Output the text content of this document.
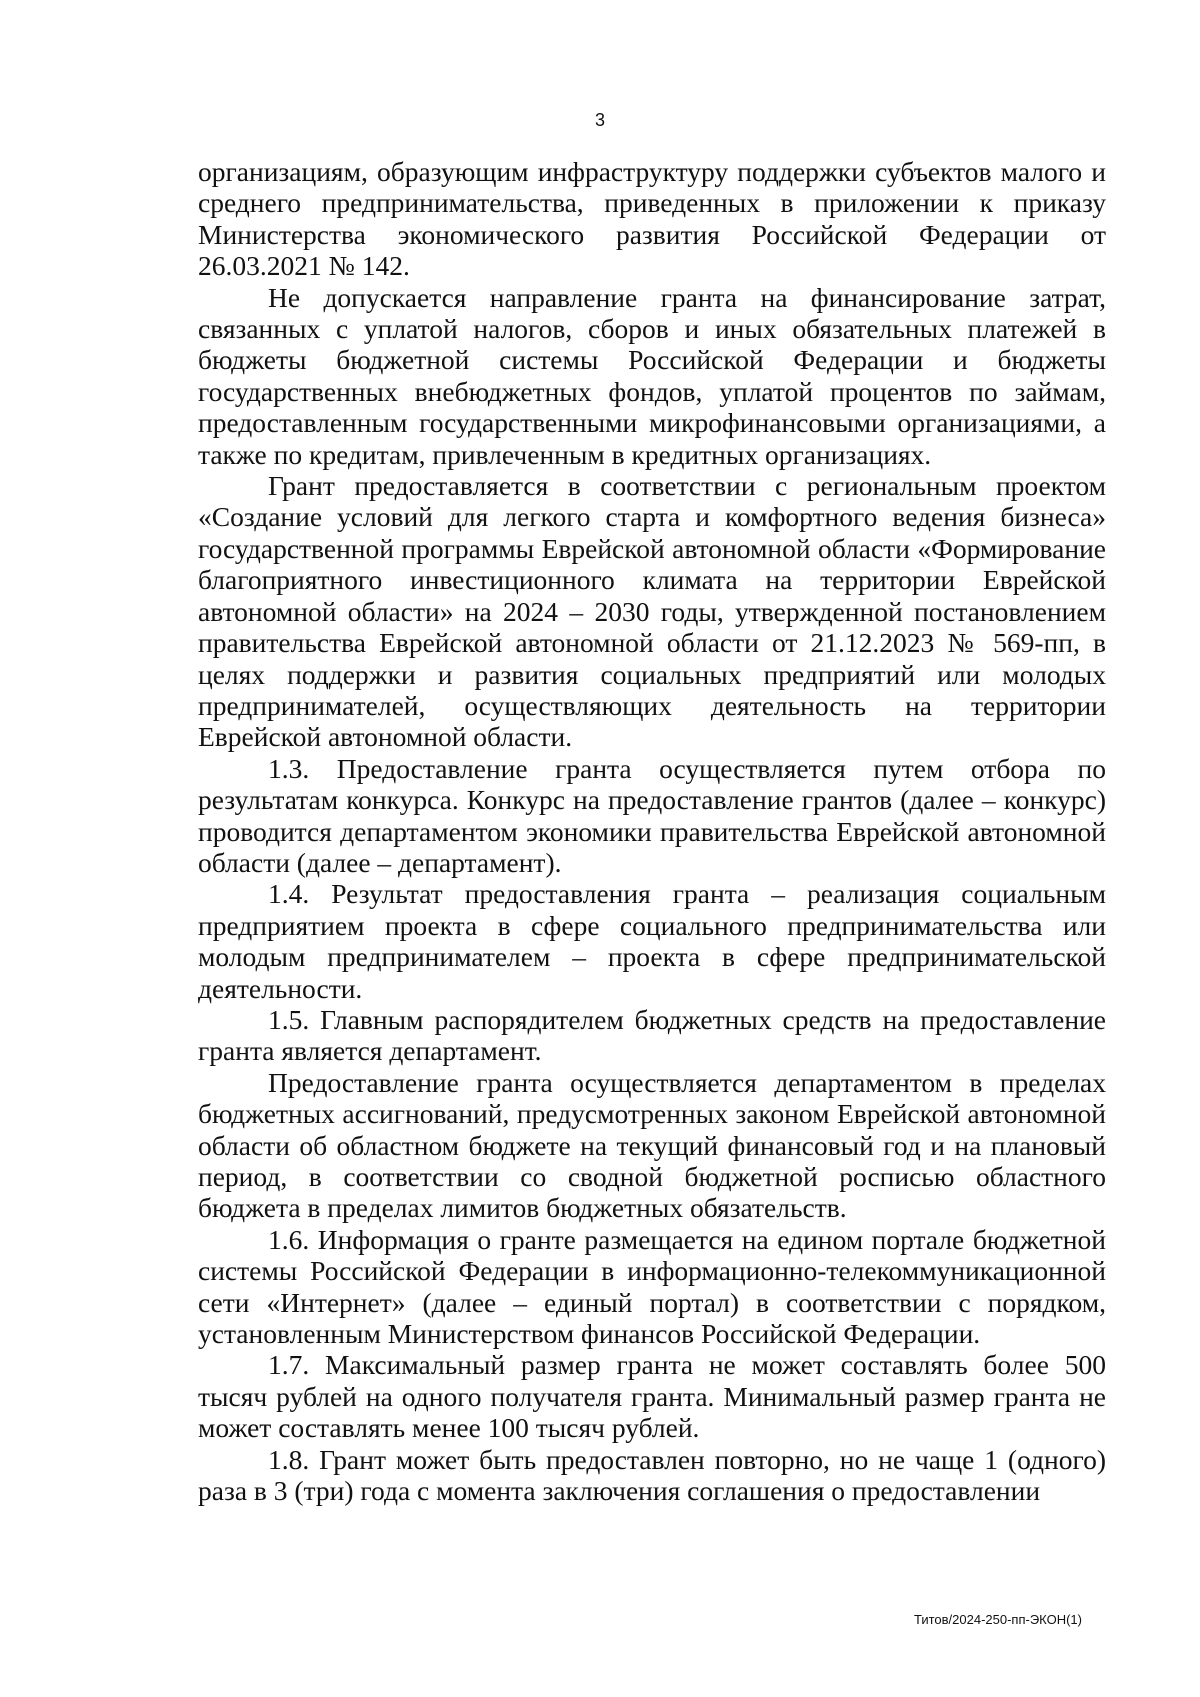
3

организациям, образующим инфраструктуру поддержки субъектов малого и среднего предпринимательства, приведенных в приложении к приказу Министерства экономического развития Российской Федерации от 26.03.2021 № 142.

Не допускается направление гранта на финансирование затрат, связанных с уплатой налогов, сборов и иных обязательных платежей в бюджеты бюджетной системы Российской Федерации и бюджеты государственных внебюджетных фондов, уплатой процентов по займам, предоставленным государственными микрофинансовыми организациями, а также по кредитам, привлеченным в кредитных организациях.

Грант предоставляется в соответствии с региональным проектом «Создание условий для легкого старта и комфортного ведения бизнеса» государственной программы Еврейской автономной области «Формирование благоприятного инвестиционного климата на территории Еврейской автономной области» на 2024 – 2030 годы, утвержденной постановлением правительства Еврейской автономной области от 21.12.2023 № 569-пп, в целях поддержки и развития социальных предприятий или молодых предпринимателей, осуществляющих деятельность на территории Еврейской автономной области.

1.3. Предоставление гранта осуществляется путем отбора по результатам конкурса. Конкурс на предоставление грантов (далее – конкурс) проводится департаментом экономики правительства Еврейской автономной области (далее – департамент).

1.4. Результат предоставления гранта – реализация социальным предприятием проекта в сфере социального предпринимательства или молодым предпринимателем – проекта в сфере предпринимательской деятельности.

1.5. Главным распорядителем бюджетных средств на предоставление гранта является департамент.

Предоставление гранта осуществляется департаментом в пределах бюджетных ассигнований, предусмотренных законом Еврейской автономной области об областном бюджете на текущий финансовый год и на плановый период, в соответствии со сводной бюджетной росписью областного бюджета в пределах лимитов бюджетных обязательств.

1.6. Информация о гранте размещается на едином портале бюджетной системы Российской Федерации в информационно-телекоммуникационной сети «Интернет» (далее – единый портал) в соответствии с порядком, установленным Министерством финансов Российской Федерации.

1.7. Максимальный размер гранта не может составлять более 500 тысяч рублей на одного получателя гранта. Минимальный размер гранта не может составлять менее 100 тысяч рублей.

1.8. Грант может быть предоставлен повторно, но не чаще 1 (одного) раза в 3 (три) года с момента заключения соглашения о предоставлении

Титов/2024-250-пп-ЭКОН(1)
